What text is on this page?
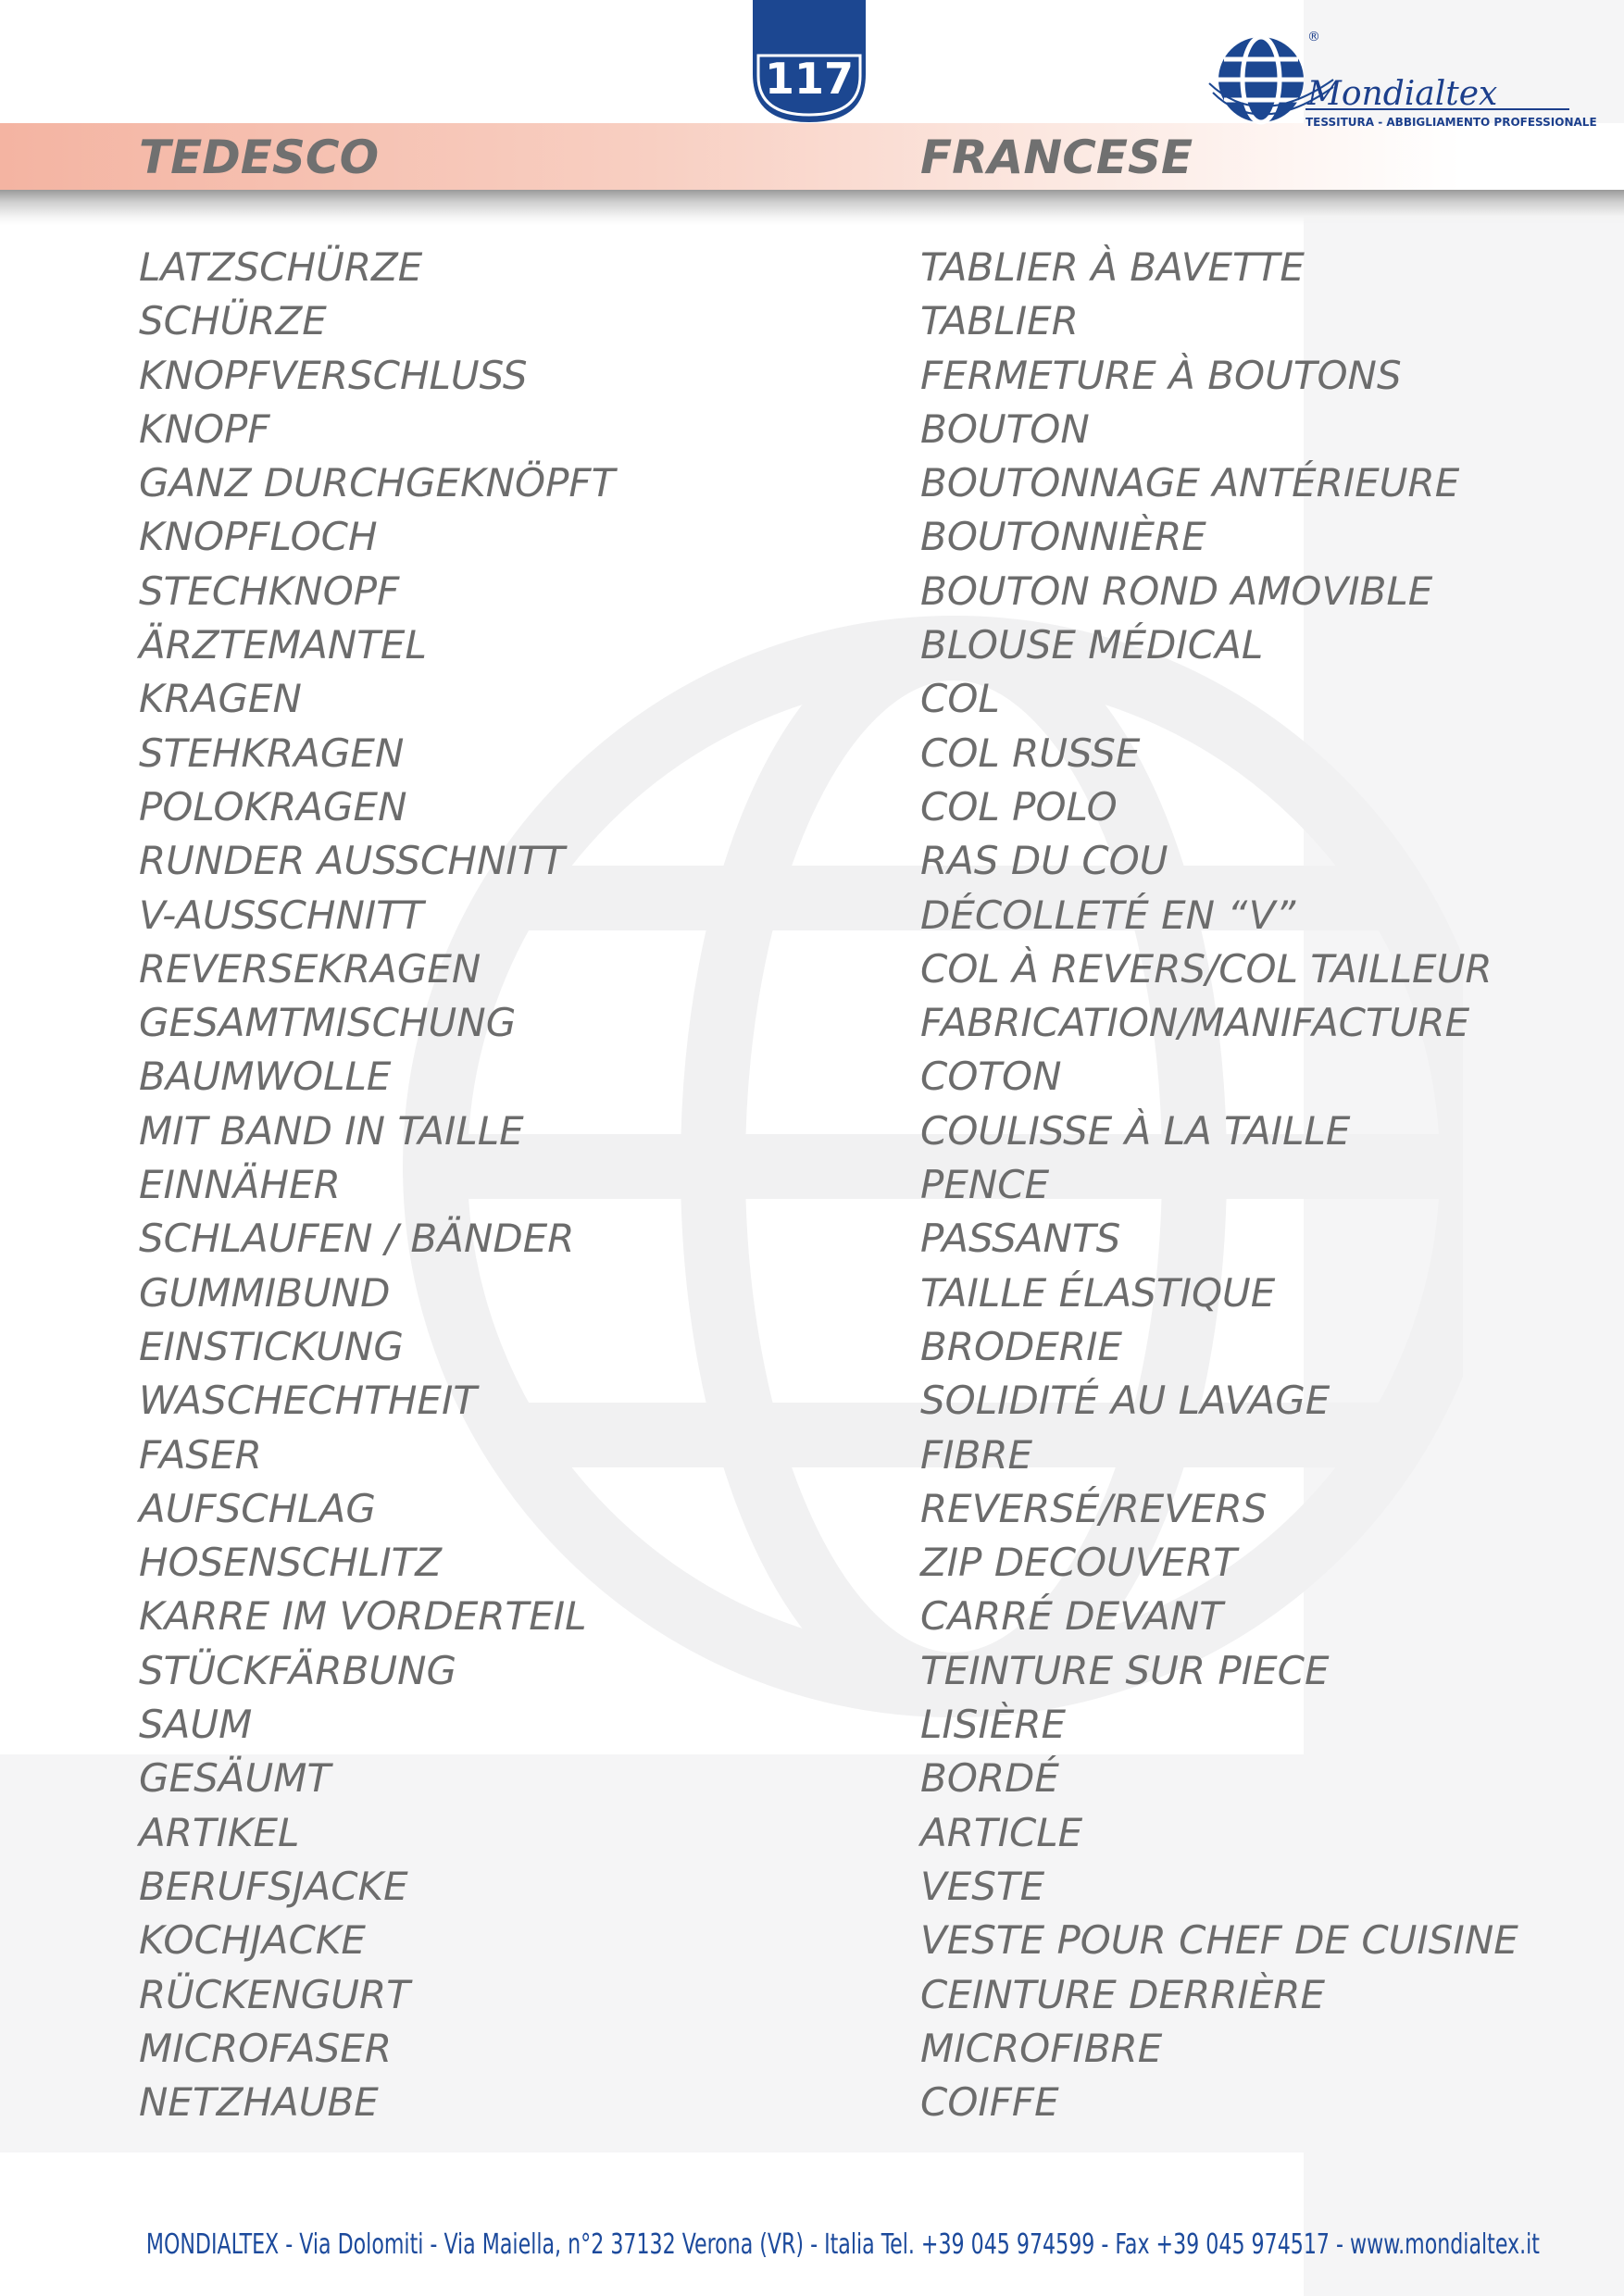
TEDESCO	FRANCESE
117
®
Mondialtex
TESSITURA - ABBIGLIAMENTO PROFESSIONALE
LATZSCHÜRZE	TABLIER À BAVETTE
SCHÜRZE	TABLIER
KNOPFVERSCHLUSS	FERMETURE À BOUTONS
KNOPF	BOUTON
GANZ DURCHGEKNÖPFT	BOUTONNAGE ANTÉRIEURE
KNOPFLOCH	BOUTONNIÈRE
STECHKNOPF	BOUTON ROND AMOVIBLE
ÄRZTEMANTEL	BLOUSE MÉDICAL
KRAGEN	COL
STEHKRAGEN	COL RUSSE
POLOKRAGEN	COL POLO
RUNDER AUSSCHNITT	RAS DU COU
V-AUSSCHNITT	DÉCOLLETÉ EN “V”
REVERSEKRAGEN	COL À REVERS/COL TAILLEUR
GESAMTMISCHUNG	FABRICATION/MANIFACTURE
BAUMWOLLE	COTON
MIT BAND IN TAILLE	COULISSE À LA TAILLE
EINNÄHER	PENCE
SCHLAUFEN / BÄNDER	PASSANTS
GUMMIBUND	TAILLE ÉLASTIQUE
EINSTICKUNG	BRODERIE
WASCHECHTHEIT	SOLIDITÉ AU LAVAGE
FASER	FIBRE
AUFSCHLAG	REVERSÉ/REVERS
HOSENSCHLITZ	ZIP DECOUVERT
KARRE IM VORDERTEIL	CARRÉ DEVANT
STÜCKFÄRBUNG	TEINTURE SUR PIECE
SAUM	LISIÈRE
GESÄUMT	BORDÉ
ARTIKEL	ARTICLE
BERUFSJACKE	VESTE
KOCHJACKE	VESTE POUR CHEF DE CUISINE
RÜCKENGURT	CEINTURE DERRIÈRE
MICROFASER	MICROFIBRE
NETZHAUBE	COIFFE
MONDIALTEX - Via Dolomiti - Via Maiella, n°2 37132 Verona (VR) - Italia Tel. +39 045 974599 - Fax +39 045 974517 - www.mondialtex.it
